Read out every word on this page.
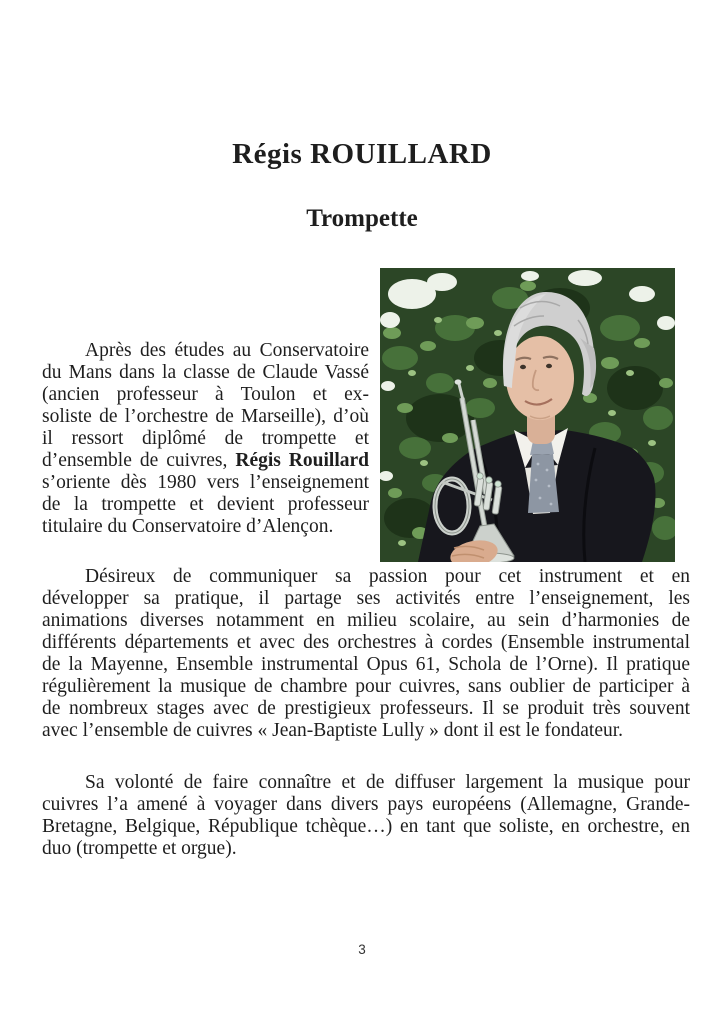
Régis ROUILLARD
Trompette
Après des études au Conservatoire
du Mans dans la classe de Claude Vassé
(ancien professeur à Toulon et ex-
soliste de l’orchestre de Marseille), d’où
il ressort diplômé de trompette et
d’ensemble de cuivres, Régis Rouillard
s’oriente dès 1980 vers l’enseignement
de la trompette et devient professeur
titulaire du Conservatoire d’Alençon.
Désireux de communiquer sa passion pour cet instrument et en
développer sa pratique, il partage ses activités entre l’enseignement, les
animations diverses notamment en milieu scolaire, au sein d’harmonies de
différents départements et avec des orchestres à cordes (Ensemble instrumental
de la Mayenne, Ensemble instrumental Opus 61, Schola de l’Orne). Il pratique
régulièrement la musique de chambre pour cuivres, sans oublier de participer à
de nombreux stages avec de prestigieux professeurs. Il se produit très souvent
avec l’ensemble de cuivres « Jean-Baptiste Lully » dont il est le fondateur.
Sa volonté de faire connaître et de diffuser largement la musique pour
cuivres l’a amené à voyager dans divers pays européens (Allemagne, Grande-
Bretagne, Belgique, République tchèque…) en tant que soliste, en orchestre, en
duo (trompette et orgue).
3
